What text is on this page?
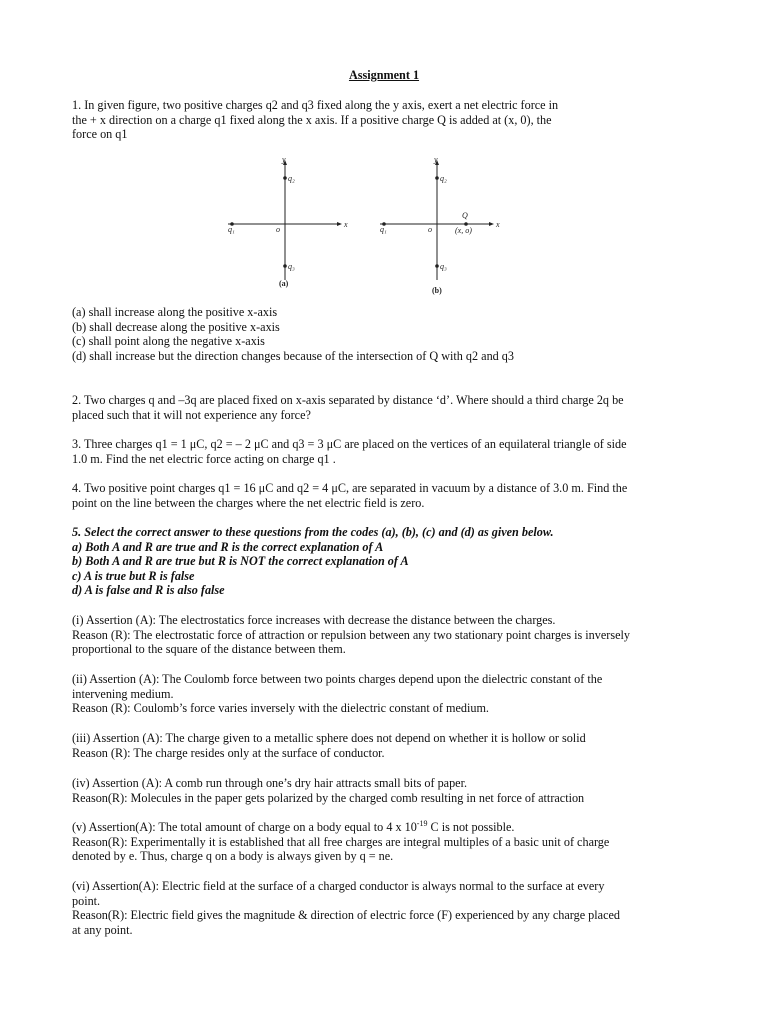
Assignment 1
1. In given figure, two positive charges q2 and q3 fixed along the y axis, exert a net electric force in
the + x direction on a charge q1 fixed along the x axis. If a positive charge Q is added at (x, 0), the
force on q1
y
x
o
q₂
q₃
q₁
(a)
y
x
o
q₂
q₃
q₁
Q
(x, o)
(b)
(a) shall increase along the positive x-axis
(b) shall decrease along the positive x-axis
(c) shall point along the negative x-axis
(d) shall increase but the direction changes because of the intersection of Q with q2 and q3
2. Two charges q and –3q are placed fixed on x-axis separated by distance ‘d’. Where should a third charge 2q be
placed such that it will not experience any force?
3. Three charges q1 = 1 μC, q2 = – 2 μC and q3 = 3 μC are placed on the vertices of an equilateral triangle of side
1.0 m. Find the net electric force acting on charge q1 .
4. Two positive point charges q1 = 16 μC and q2 = 4 μC, are separated in vacuum by a distance of 3.0 m. Find the
point on the line between the charges where the net electric field is zero.
5. Select the correct answer to these questions from the codes (a), (b), (c) and (d) as given below.
a) Both A and R are true and R is the correct explanation of A
b) Both A and R are true but R is NOT the correct explanation of A
c) A is true but R is false
d) A is false and R is also false
(i) Assertion (A): The electrostatics force increases with decrease the distance between the charges.
Reason (R): The electrostatic force of attraction or repulsion between any two stationary point charges is inversely
proportional to the square of the distance between them.
(ii) Assertion (A): The Coulomb force between two points charges depend upon the dielectric constant of the
intervening medium.
Reason (R): Coulomb’s force varies inversely with the dielectric constant of medium.
(iii) Assertion (A): The charge given to a metallic sphere does not depend on whether it is hollow or solid
Reason (R): The charge resides only at the surface of conductor.
(iv) Assertion (A): A comb run through one’s dry hair attracts small bits of paper.
Reason(R): Molecules in the paper gets polarized by the charged comb resulting in net force of attraction
(v) Assertion(A): The total amount of charge on a body equal to 4 x $10^{-19}$ C is not possible.
Reason(R): Experimentally it is established that all free charges are integral multiples of a basic unit of charge
denoted by e. Thus, charge q on a body is always given by q = ne.
(vi) Assertion(A): Electric field at the surface of a charged conductor is always normal to the surface at every
point.
Reason(R): Electric field gives the magnitude & direction of electric force (F) experienced by any charge placed
at any point.
